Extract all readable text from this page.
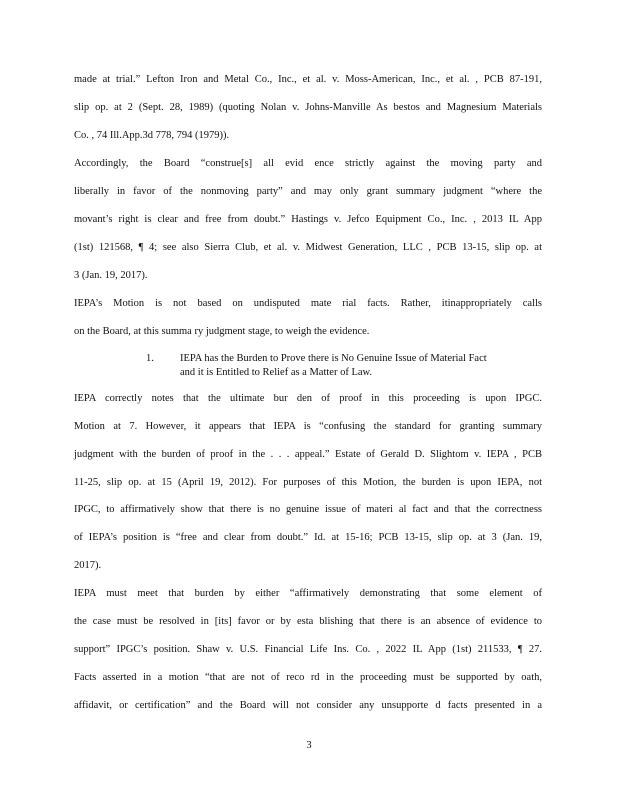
made at trial.” Lefton Iron and Metal Co., Inc., et al. v. Moss-American, Inc., et al. , PCB 87-191,
slip op. at 2 (Sept. 28, 1989) (quoting Nolan v. Johns-Manville As bestos and Magnesium Materials
Co. , 74 Ill.App.3d 778, 794 (1979)).
Accordingly, the Board “construe[s] all evid ence strictly against the moving party and
liberally in favor of the nonmoving party” and may only grant summary judgment “where the
movant’s right is clear and free from doubt.” Hastings v. Jefco Equipment Co., Inc. , 2013 IL App
(1st) 121568, ¶ 4; see also Sierra Club, et al. v. Midwest Generation, LLC , PCB 13-15, slip op. at
3 (Jan. 19, 2017).
IEPA’s Motion is not based on undisputed mate rial facts. Rather, itinappropriately calls
on the Board, at this summa ry judgment stage, to weigh the evidence.
1. IEPA has the Burden to Prove there is No Genuine Issue of Material Fact
and it is Entitled to Relief as a Matter of Law.
IEPA correctly notes that the ultimate bur den of proof in this proceeding is upon IPGC.
Motion at 7. However, it appears that IEPA is “confusing the standard for granting summary
judgment with the burden of proof in the . . . appeal.” Estate of Gerald D. Slightom v. IEPA , PCB
11-25, slip op. at 15 (April 19, 2012). For purposes of this Motion, the burden is upon IEPA, not
IPGC, to affirmatively show that there is no genuine issue of materi al fact and that the correctness
of IEPA’s position is “free and clear from doubt.” Id. at 15-16; PCB 13-15, slip op. at 3 (Jan. 19,
2017).
IEPA must meet that burden by either “affirmatively demonstrating that some element of
the case must be resolved in [its] favor or by esta blishing that there is an absence of evidence to
support” IPGC’s position. Shaw v. U.S. Financial Life Ins. Co. , 2022 IL App (1st) 211533, ¶ 27.
Facts asserted in a motion “that are not of reco rd in the proceeding must be supported by oath,
affidavit, or certification” and the Board will not consider any unsupporte d facts presented in a
3
